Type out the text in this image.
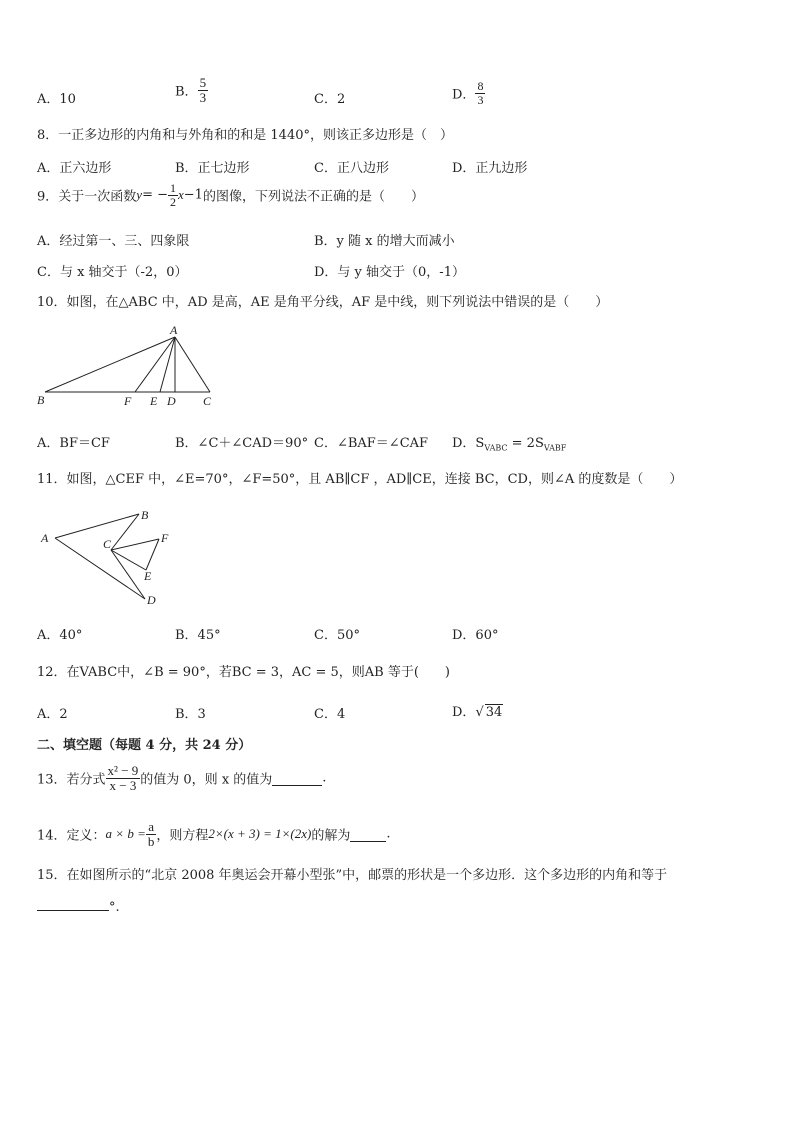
A．10	B． $\frac{5}{3}$	C．2	D． $\frac{8}{3}$
8．一正多边形的内角和与外角和的和是 1440°，则该正多边形是（　）
A．正六边形	B．正七边形	C．正八边形	D．正九边形
9．关于一次函数$y= - \frac{1}{2} x-1$的图像，下列说法不正确的是（　　）
A．经过第一、三、四象限	B．y 随 x 的增大而减小
C．与 x 轴交于（-2，0）	D．与 y 轴交于（0，-1）
10．如图，在△ABC 中，AD 是高，AE 是角平分线，AF 是中线，则下列说法中错误的是（　　）
A
B	F E D C
A．BF＝CF	B．∠C＋∠CAD＝90° C．∠BAF＝∠CAF D．$S_{VABC} = 2S_{VABF}$
11．如图，△CEF 中，∠E=70°，∠F=50°，且 AB∥CF ，AD∥CE，连接 BC，CD，则∠A 的度数是（　　）
A
B
C	F
E
D
A．40°	B．45°	C．50°	D．60°
12．在VABC中，∠B = 90°，若BC = 3，AC = 5，则AB 等于(　　)
A．2	B．3	C．4	D．√ 34
二、填空题（每题 4 分，共 24 分）
13．若分式 $\frac{\text{x² − 9}}{x - 3}$ 的值为 0，则 x 的值为	.
14．定义：$a \times b = \frac{a}{b}$ ，则方程2×(x + 3) = 1×(2x)的解为	.
15．在如图所示的“北京 2008 年奥运会开幕小型张”中，邮票的形状是一个多边形．这个多边形的内角和等于
°.
